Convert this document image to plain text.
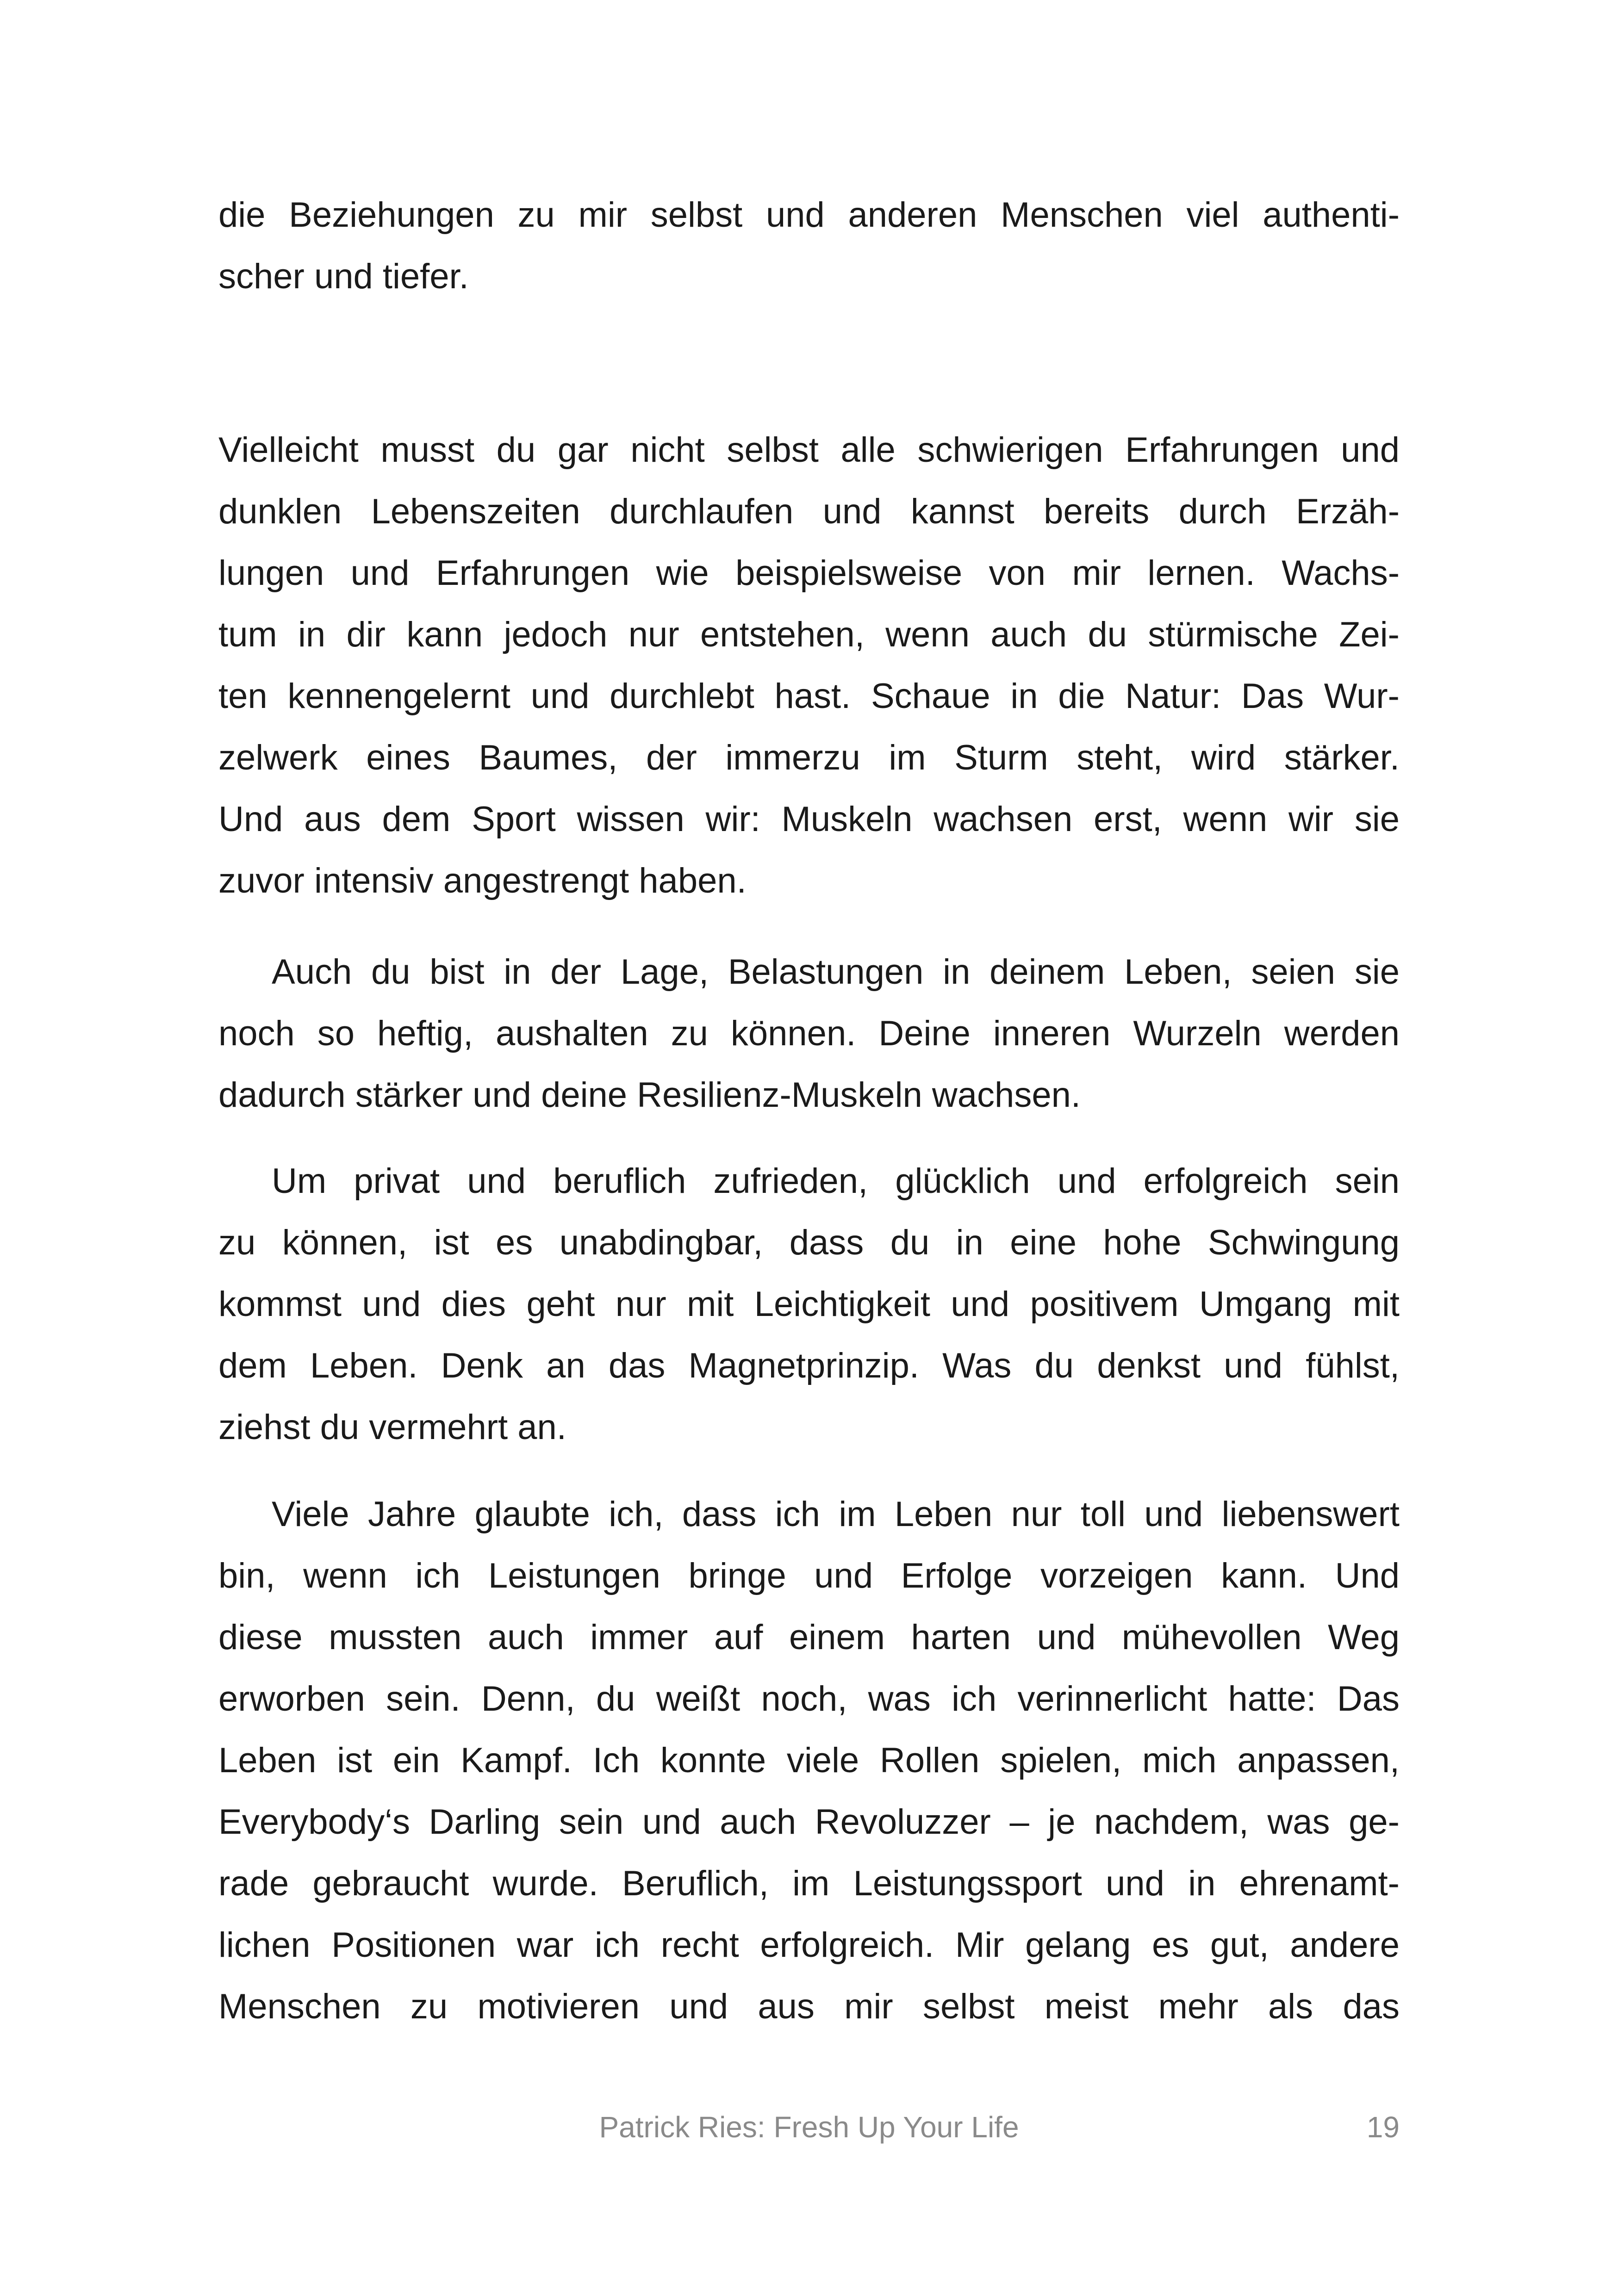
die Beziehungen zu mir selbst und anderen Menschen viel authenti-
scher und tiefer.
Vielleicht musst du gar nicht selbst alle schwierigen Erfahrungen und
dunklen Lebenszeiten durchlaufen und kannst bereits durch Erzäh-
lungen und Erfahrungen wie beispielsweise von mir lernen. Wachs-
tum in dir kann jedoch nur entstehen, wenn auch du stürmische Zei-
ten kennengelernt und durchlebt hast. Schaue in die Natur: Das Wur-
zelwerk eines Baumes, der immerzu im Sturm steht, wird stärker.
Und aus dem Sport wissen wir: Muskeln wachsen erst, wenn wir sie
zuvor intensiv angestrengt haben.
Auch du bist in der Lage, Belastungen in deinem Leben, seien sie
noch so heftig, aushalten zu können. Deine inneren Wurzeln werden
dadurch stärker und deine Resilienz-Muskeln wachsen.
Um privat und beruflich zufrieden, glücklich und erfolgreich sein
zu können, ist es unabdingbar, dass du in eine hohe Schwingung
kommst und dies geht nur mit Leichtigkeit und positivem Umgang mit
dem Leben. Denk an das Magnetprinzip. Was du denkst und fühlst,
ziehst du vermehrt an.
Viele Jahre glaubte ich, dass ich im Leben nur toll und liebenswert
bin, wenn ich Leistungen bringe und Erfolge vorzeigen kann. Und
diese mussten auch immer auf einem harten und mühevollen Weg
erworben sein. Denn, du weißt noch, was ich verinnerlicht hatte: Das
Leben ist ein Kampf. Ich konnte viele Rollen spielen, mich anpassen,
Everybody‘s Darling sein und auch Revoluzzer – je nachdem, was ge-
rade gebraucht wurde. Beruflich, im Leistungssport und in ehrenamt-
lichen Positionen war ich recht erfolgreich. Mir gelang es gut, andere
Menschen zu motivieren und aus mir selbst meist mehr als das
Patrick Ries: Fresh Up Your Life	19
